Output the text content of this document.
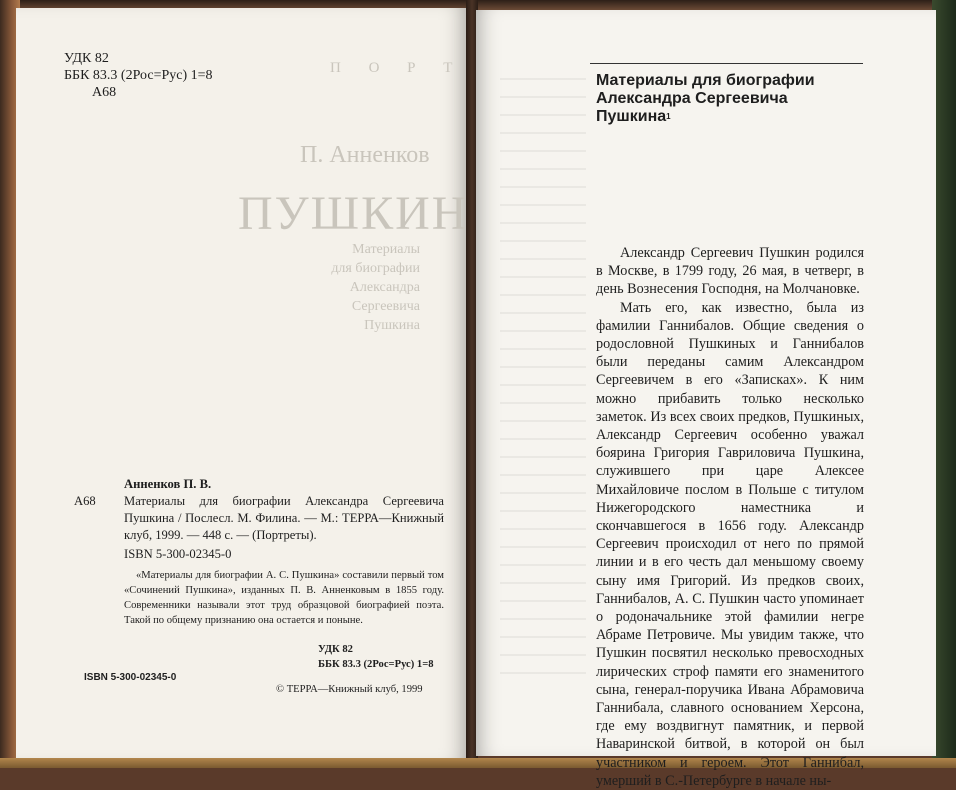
УДК 82
ББК 83.3 (2Рос=Рус) 1=8
А68
П О Р Т
П. Анненков
ПУШКИН
Материалы
для биографии
Александра
Сергеевича
Пушкина
Анненков П. В.
А68	Материалы для биографии Александра Сергеевича Пушкина / Послесл. М. Филина. — М.: ТЕРРА—Книжный клуб, 1999. — 448 с. — (Портреты).
ISBN 5-300-02345-0
«Материалы для биографии А. С. Пушкина» составили первый том «Сочинений Пушкина», изданных П. В. Анненковым в 1855 году. Современники называли этот труд образцовой биографией поэта. Такой по общему признанию она остается и поныне.
УДК 82
ББК 83.3 (2Рос=Рус) 1=8
ISBN 5-300-02345-0
© ТЕРРА—Книжный клуб, 1999
Материалы для биографии
Александра Сергеевича
Пушкина$^1$

Александр Сергеевич Пушкин родился в Москве, в 1799 году, 26 мая, в четверг, в день Вознесения Господня, на Молчановке.

Мать его, как известно, была из фамилии Ганнибалов. Общие сведения о родословной Пушкиных и Ганнибалов были переданы самим Александром Сергеевичем в его «Записках». К ним можно прибавить только несколько заметок. Из всех своих предков, Пушкиных, Александр Сергеевич особенно уважал боярина Григория Гавриловича Пушкина, служившего при царе Алексее Михайловиче послом в Польше с титулом Нижегородского наместника и скончавшегося в 1656 году. Александр Сергеевич происходил от него по прямой линии и в его честь дал меньшому своему сыну имя Григорий. Из предков своих, Ганнибалов, А. С. Пушкин часто упоминает о родоначальнике этой фамилии негре Абраме Петровиче. Мы увидим также, что Пушкин посвятил несколько превосходных лирических строф памяти его знаменитого сына, генерал-поручика Ивана Абрамовича Ганнибала, славного основанием Херсона, где ему воздвигнут памятник, и первой Наваринской битвой, в которой он был участником и героем. Этот Ганнибал, умерший в С.-Петербурге в начале ны-
